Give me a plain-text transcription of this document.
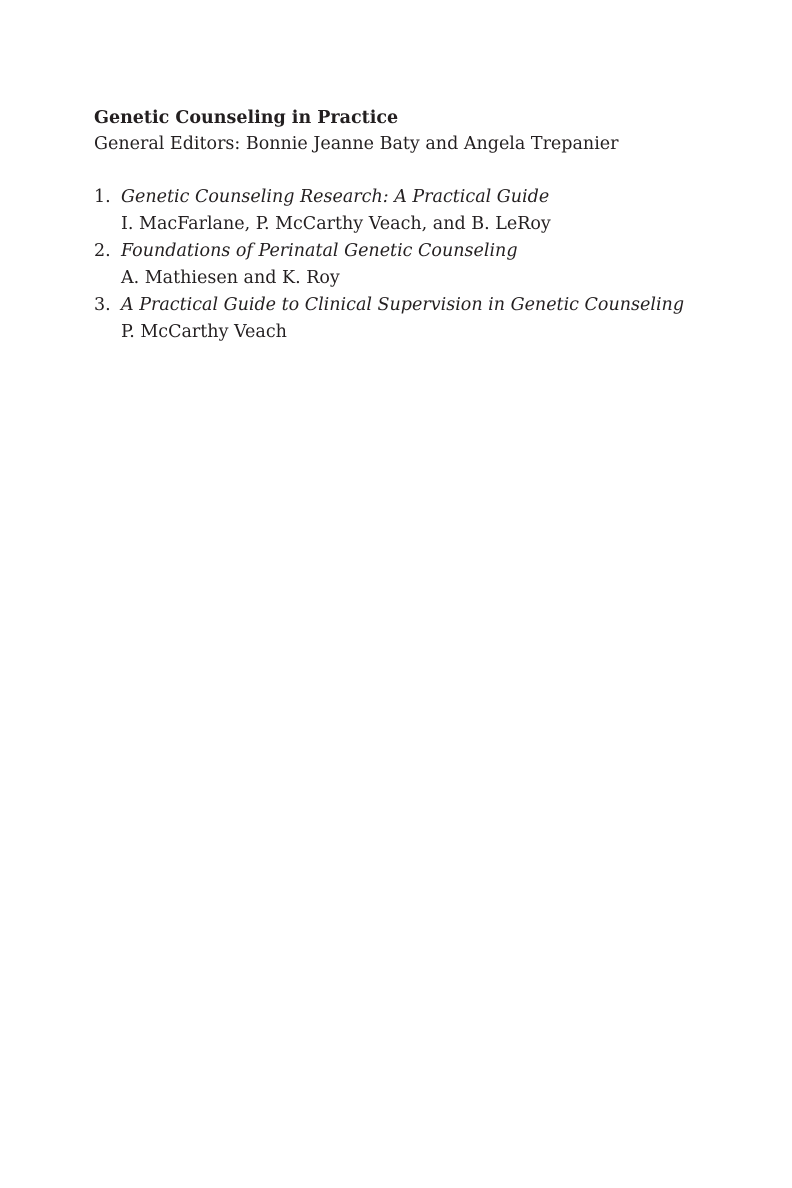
Genetic Counseling in Practice

General Editors: Bonnie Jeanne Baty and Angela Trepanier

1. Genetic Counseling Research: A Practical Guide
I. MacFarlane, P. McCarthy Veach, and B. LeRoy
2. Foundations of Perinatal Genetic Counseling
A. Mathiesen and K. Roy
3. A Practical Guide to Clinical Supervision in Genetic Counseling
P. McCarthy Veach
